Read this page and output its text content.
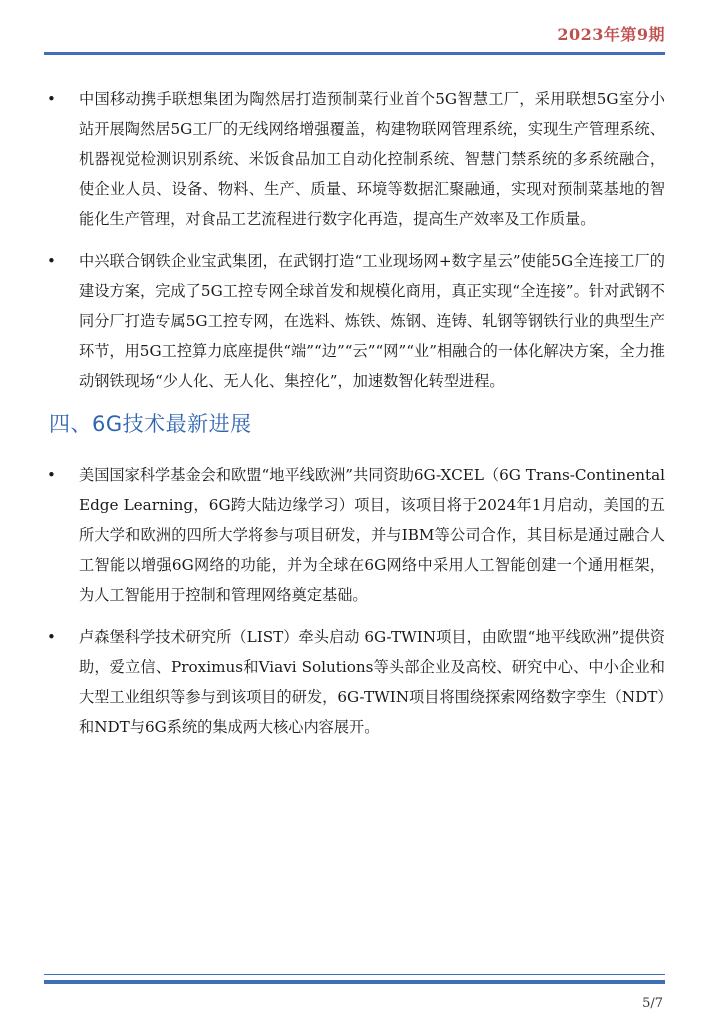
2023年第9期
• 中国移动携手联想集团为陶然居打造预制菜行业首个5G智慧工厂，采用联想5G室分小站开展陶然居5G工厂的无线网络增强覆盖，构建物联网管理系统，实现生产管理系统、机器视觉检测识别系统、米饭食品加工自动化控制系统、智慧门禁系统的多系统融合，使企业人员、设备、物料、生产、质量、环境等数据汇聚融通，实现对预制菜基地的智能化生产管理，对食品工艺流程进行数字化再造，提高生产效率及工作质量。
• 中兴联合钢铁企业宝武集团，在武钢打造“工业现场网+数字星云”使能5G全连接工厂的建设方案，完成了5G工控专网全球首发和规模化商用，真正实现“全连接”。针对武钢不同分厂打造专属5G工控专网，在选料、炼铁、炼钢、连铸、轧钢等钢铁行业的典型生产环节，用5G工控算力底座提供“端”“边”“云”“网”“业”相融合的一体化解决方案，全力推动钢铁现场“少人化、无人化、集控化”，加速数智化转型进程。
四、6G技术最新进展
• 美国国家科学基金会和欧盟“地平线欧洲”共同资助6G-XCEL（6G Trans-Continental Edge Learning，6G跨大陆边缘学习）项目，该项目将于2024年1月启动，美国的五所大学和欧洲的四所大学将参与项目研发，并与IBM等公司合作，其目标是通过融合人工智能以增强6G网络的功能，并为全球在6G网络中采用人工智能创建一个通用框架，为人工智能用于控制和管理网络奠定基础。
• 卢森堡科学技术研究所（LIST）牵头启动 6G-TWIN项目，由欧盟“地平线欧洲”提供资助，爱立信、Proximus和Viavi Solutions等头部企业及高校、研究中心、中小企业和大型工业组织等参与到该项目的研发，6G-TWIN项目将围绕探索网络数字孪生（NDT）和NDT与6G系统的集成两大核心内容展开。
5/7
